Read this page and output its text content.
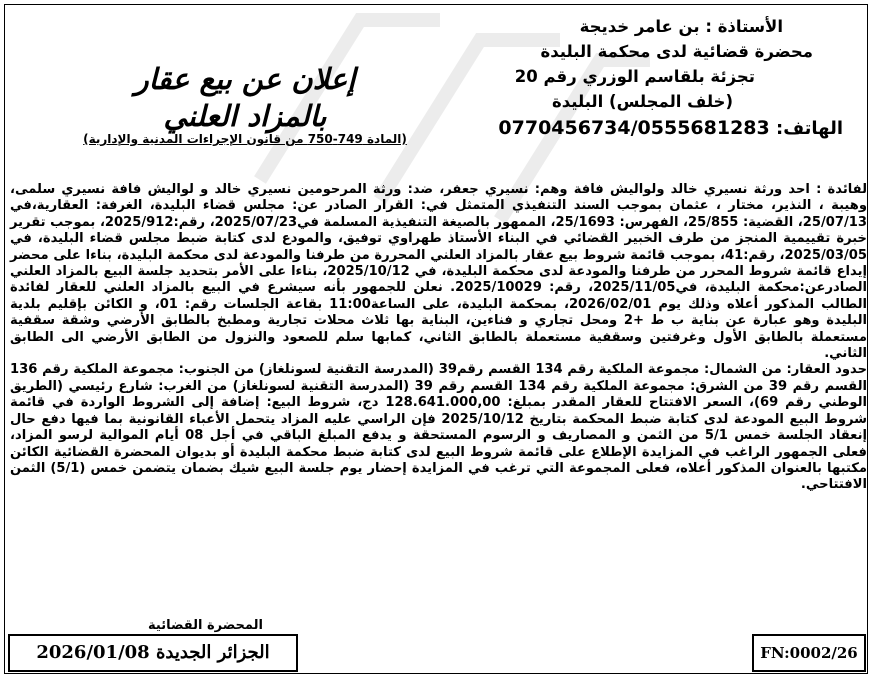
الأستاذة : بن عامر خديجة
محضرة قضائية لدى محكمة البليدة
تجزئة بلقاسم الوزري رقم 20
(خلف المجلس) البليدة
الهاتف: 0770456734/0555681283
إعلان عن بيع عقار
بالمزاد العلني
(المادة 749-750 من قانون الإجراءات المدنية والإدارية)

لفائدة : احد ورثة نسيري خالد ولواليش فافة وهم: نسيري جعفر، ضد: ورثة المرحومين نسيري خالد و لواليش فافة نسيري سلمى، وهيبة ، النذير، مختار ، عثمان بموجب السند التنفيذي المتمثل في: القرار الصادر عن: مجلس قضاء البليدة، الغرفة: العقارية،في 25/07/13، القضية: 25/855، الفهرس: 25/1693، الممهور بالصيغة التنفيذية المسلمة في2025/07/23، رقم:2025/912، بموجب تقرير خبرة تقييمية المنجز من طرف الخبير القضائي في البناء الأستاذ طهراوي توفيق، والمودع لدى كتابة ضبط مجلس قضاء البليدة، في 2025/03/05، رقم:41، بموجب قائمة شروط بيع عقار بالمزاد العلني المحررة من طرفنا والمودعة لدى محكمة البليدة، بناءا على محضر إيداع قائمة شروط المحرر من طرفنا والمودعة لدى محكمة البليدة، في 2025/10/12، بناءا على الأمر بتحديد جلسة البيع بالمزاد العلني الصادرعن:محكمة البليدة، في2025/11/05، رقم: 2025/10029. نعلن للجمهور بأنه سيشرع في البيع بالمزاد العلني للعقار لفائدة الطالب المذكور أعلاه وذلك يوم 2026/02/01، بمحكمة البليدة، على الساعة11:00 بقاعة الجلسات رقم: 01، و الكائن بإقليم بلدية البليدة وهو عبارة عن بناية ب ط +2 ومحل تجاري و فناءين، البناية بها ثلاث محلات تجارية ومطبخ بالطابق الأرضي وشقة سقفية مستعملة بالطابق الأول وغرفتين وسقفية مستعملة بالطابق الثاني، كمابها سلم للصعود والنزول من الطابق الأرضي الى الطابق الثاني.

حدود العقار: من الشمال: مجموعة الملكية رقم 134 القسم رقم39 (المدرسة التقنية لسونلغاز) من الجنوب: مجموعة الملكية رقم 136 القسم رقم 39 من الشرق: مجموعة الملكية رقم 134 القسم رقم 39 (المدرسة التقنية لسونلغاز) من الغرب: شارع رئيسي (الطريق الوطني رقم 69)، السعر الافتتاح للعقار المقدر بمبلغ: 128.641.000,00 دج، شروط البيع: إضافة إلى الشروط الواردة في قائمة شروط البيع المودعة لدى كتابة ضبط المحكمة بتاريخ 2025/10/12 فإن الراسي عليه المزاد يتحمل الأعباء القانونية بما فيها دفع حال إنعقاد الجلسة خمس 5/1 من الثمن و المصاريف و الرسوم المستحقة و يدفع المبلغ الباقي في أجل 08 أيام الموالية لرسو المزاد، فعلى الجمهور الراغب في المزايدة الإطلاع على قائمة شروط البيع لدى كتابة ضبط محكمة البليدة أو بديوان المحضرة القضائية الكائن مكتبها بالعنوان المذكور أعلاه، فعلى المجموعة التي ترغب في المزايدة إحضار يوم جلسة البيع شيك بضمان يتضمن خمس (5/1) الثمن الافتتاحي.

المحضرة القضائية
الجزائر الجديدة 2026/01/08	FN:0002/26
